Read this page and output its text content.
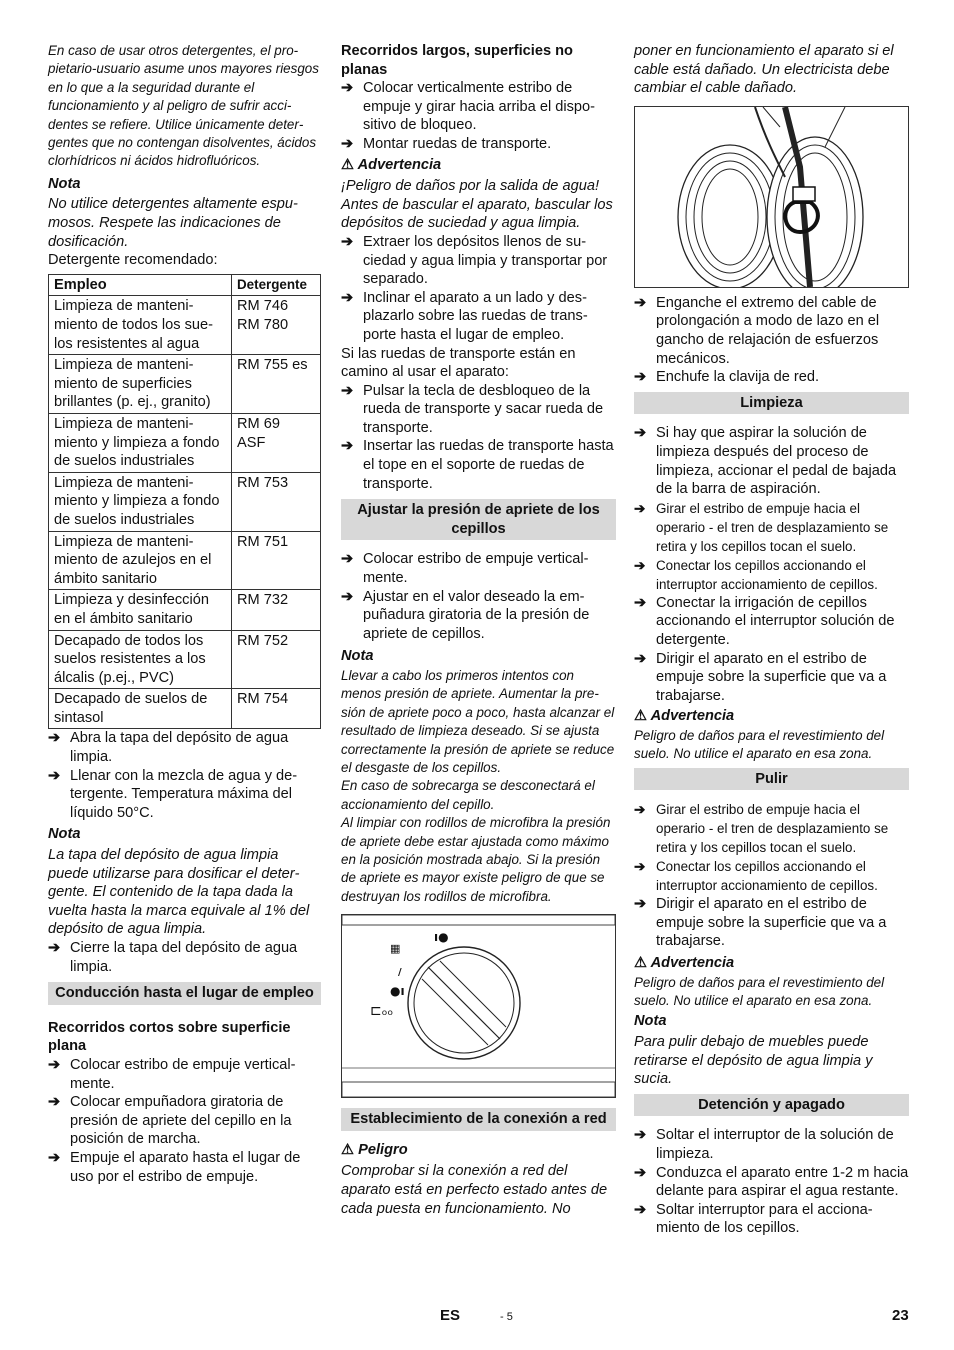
En caso de usar otros detergentes, el propietario-usuario asume unos mayores riesgos en lo que a la seguridad durante el funcionamiento y al peligro de sufrir accidentes se refiere. Utilice únicamente detergentes que no contengan disolventes, ácidos clorhídricos ni ácidos hidrofluóricos.

Nota

No utilice detergentes altamente espumosos. Respete las indicaciones de dosificación.

Detergente recomendado:

Empleo	Detergente
Limpieza de mantenimiento de todos los suelos resistentes al agua	RM 746
RM 780
Limpieza de mantenimiento de superficies brillantes (p. ej., granito)	RM 755 es
Limpieza de mantenimiento y limpieza a fondo de suelos industriales	RM 69
ASF
Limpieza de mantenimiento y limpieza a fondo de suelos industriales	RM 753
Limpieza de mantenimiento de azulejos en el ámbito sanitario	RM 751
Limpieza y desinfección en el ámbito sanitario	RM 732
Decapado de todos los suelos resistentes a los álcalis (p.ej., PVC)	RM 752
Decapado de suelos de sintasol	RM 754
➔ Abra la tapa del depósito de agua limpia.
➔ Llenar con la mezcla de agua y detergente. Temperatura máxima del líquido 50°C.

Nota

La tapa del depósito de agua limpia puede utilizarse para dosificar el detergente. El contenido de la tapa dada la vuelta hasta la marca equivale al 1% del depósito de agua limpia.

➔ Cierre la tapa del depósito de agua limpia.
Conducción hasta el lugar de empleo

Recorridos cortos sobre superficie plana

➔ Colocar estribo de empuje verticalmente.
➔ Colocar empuñadora giratoria de presión de apriete del cepillo en la posición de marcha.
➔ Empuje el aparato hasta el lugar de uso por el estribo de empuje.

Recorridos largos, superficies no planas

➔ Colocar verticalmente estribo de empuje y girar hacia arriba el dispositivo de bloqueo.
➔ Montar ruedas de transporte.

⚠ Advertencia

¡Peligro de daños por la salida de agua! Antes de bascular el aparato, bascular los depósitos de suciedad y agua limpia.

➔ Extraer los depósitos llenos de suciedad y agua limpia y transportar por separado.
➔ Inclinar el aparato a un lado y desplazarlo sobre las ruedas de transporte hasta el lugar de empleo.

Si las ruedas de transporte están en camino al usar el aparato:

➔ Pulsar la tecla de desbloqueo de la rueda de transporte y sacar rueda de transporte.
➔ Insertar las ruedas de transporte hasta el tope en el soporte de ruedas de transporte.
Ajustar la presión de apriete de los cepillos
➔ Colocar estribo de empuje verticalmente.
➔ Ajustar en el valor deseado la empuñadura giratoria de la presión de apriete de cepillos.

Nota

Llevar a cabo los primeros intentos con menos presión de apriete. Aumentar la presión de apriete poco a poco, hasta alcanzar el resultado de limpieza deseado. Si se ajusta correctamente la presión de apriete se reduce el desgaste de los cepillos.

En caso de sobrecarga se desconectará el accionamiento del cepillo.

Al limpiar con rodillos de microfibra la presión de apriete debe estar ajustada como máximo en la posición mostrada abajo. Si la presión de apriete es mayor existe peligro de que se destruyan los rodillos de microfibra.

▦
ı●
/
●ı
⊏ₒₒ
Establecimiento de la conexión a red

⚠ Peligro

Comprobar si la conexión a red del aparato está en perfecto estado antes de cada puesta en funcionamiento. No

poner en funcionamiento el aparato si el cable está dañado. Un electricista debe cambiar el cable dañado.

➔ Enganche el extremo del cable de prolongación a modo de lazo en el gancho de relajación de esfuerzos mecánicos.
➔ Enchufe la clavija de red.
Limpieza
➔ Si hay que aspirar la solución de limpieza después del proceso de limpieza, accionar el pedal de bajada de la barra de aspiración.
➔ Girar el estribo de empuje hacia el operario - el tren de desplazamiento se retira y los cepillos tocan el suelo.
➔ Conectar los cepillos accionando el interruptor accionamiento de cepillos.
➔ Conectar la irrigación de cepillos accionando el interruptor solución de detergente.
➔ Dirigir el aparato en el estribo de empuje sobre la superficie que va a trabajarse.

⚠ Advertencia

Peligro de daños para el revestimiento del suelo. No utilice el aparato en esa zona.

Pulir
➔ Girar el estribo de empuje hacia el operario - el tren de desplazamiento se retira y los cepillos tocan el suelo.
➔ Conectar los cepillos accionando el interruptor accionamiento de cepillos.
➔ Dirigir el aparato en el estribo de empuje sobre la superficie que va a trabajarse.

⚠ Advertencia

Peligro de daños para el revestimiento del suelo. No utilice el aparato en esa zona.

Nota

Para pulir debajo de muebles puede retirarse el depósito de agua limpia y sucia.

Detención y apagado
➔ Soltar el interruptor de la solución de limpieza.
➔ Conduzca el aparato entre 1-2 m hacia delante para aspirar el agua restante.
➔ Soltar interruptor para el accionamiento de los cepillos.
ES	- 5	23
